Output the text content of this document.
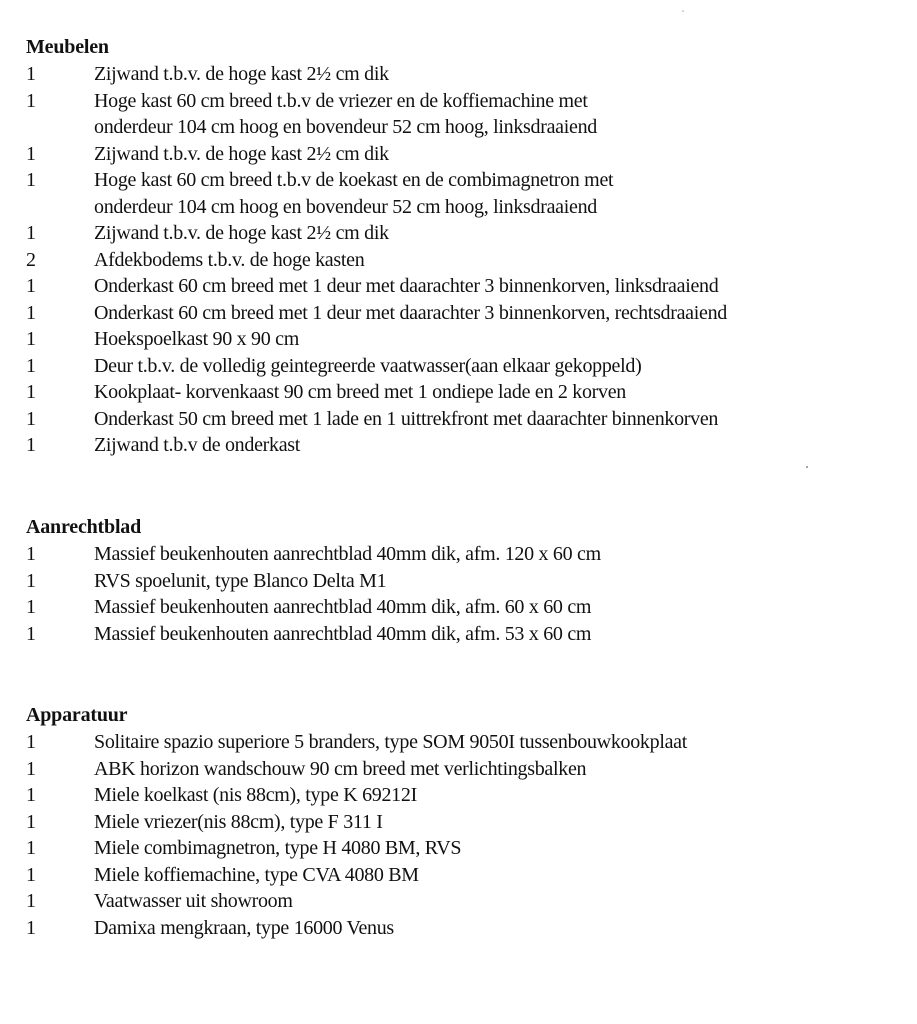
Meubelen
1	Zijwand t.b.v. de hoge kast 2½ cm dik
1	Hoge kast 60 cm breed t.b.v de vriezer en de koffiemachine met
onderdeur 104 cm hoog en bovendeur 52 cm hoog, linksdraaiend
1	Zijwand t.b.v. de hoge kast 2½ cm dik
1	Hoge kast 60 cm breed t.b.v de koekast en de combimagnetron met
onderdeur 104 cm hoog en bovendeur 52 cm hoog, linksdraaiend
1	Zijwand t.b.v. de hoge kast 2½ cm dik
2	Afdekbodems t.b.v. de hoge kasten
1	Onderkast 60 cm breed met 1 deur met daarachter 3 binnenkorven, linksdraaiend
1	Onderkast 60 cm breed met 1 deur met daarachter 3 binnenkorven, rechtsdraaiend
1	Hoekspoelkast 90 x 90 cm
1	Deur t.b.v. de volledig geintegreerde vaatwasser(aan elkaar gekoppeld)
1	Kookplaat- korvenkaast 90 cm breed met 1 ondiepe lade en 2 korven
1	Onderkast 50 cm breed met 1 lade en 1 uittrekfront met daarachter binnenkorven
1	Zijwand t.b.v de onderkast
Aanrechtblad
1	Massief beukenhouten aanrechtblad 40mm dik, afm. 120 x 60 cm
1	RVS spoelunit, type Blanco Delta M1
1	Massief beukenhouten aanrechtblad 40mm dik, afm. 60 x 60 cm
1	Massief beukenhouten aanrechtblad 40mm dik, afm. 53 x 60 cm
Apparatuur
1	Solitaire spazio superiore 5 branders, type SOM 9050I tussenbouwkookplaat
1	ABK horizon wandschouw 90 cm breed met verlichtingsbalken
1	Miele koelkast (nis 88cm), type K 69212I
1	Miele vriezer(nis 88cm), type F 311 I
1	Miele combimagnetron, type H 4080 BM, RVS
1	Miele koffiemachine, type CVA 4080 BM
1	Vaatwasser uit showroom
1	Damixa mengkraan, type 16000 Venus
